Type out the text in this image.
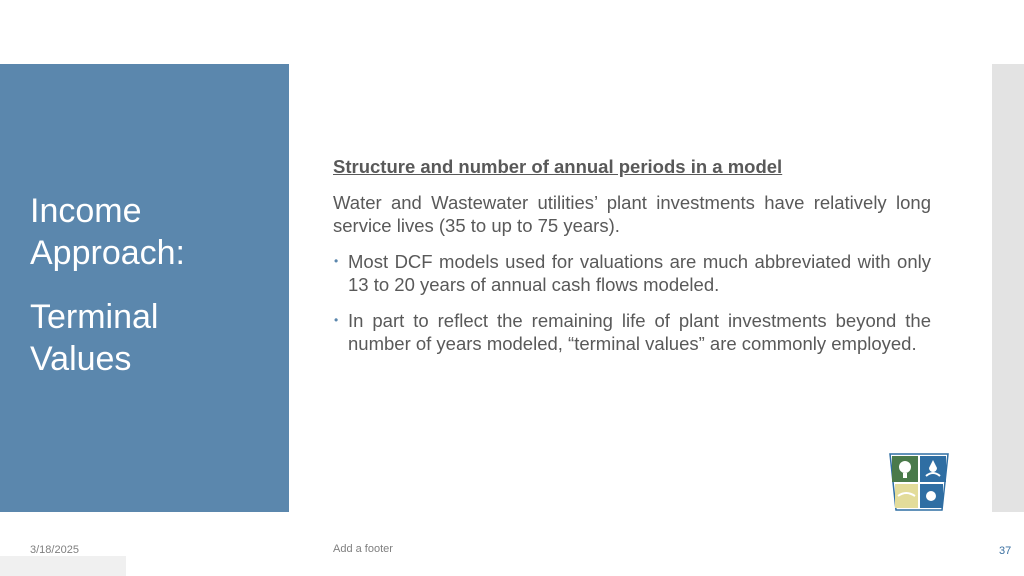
Income
Approach:
Terminal
Values
Structure and number of annual periods in a model
Water and Wastewater utilities’ plant investments have relatively long service lives (35 to up to 75 years).
• Most DCF models used for valuations are much abbreviated with only 13 to 20 years of annual cash flows modeled.
• In part to reflect the remaining life of plant investments beyond the number of years modeled, “terminal values” are commonly employed.
3/18/2025	Add a footer	37
